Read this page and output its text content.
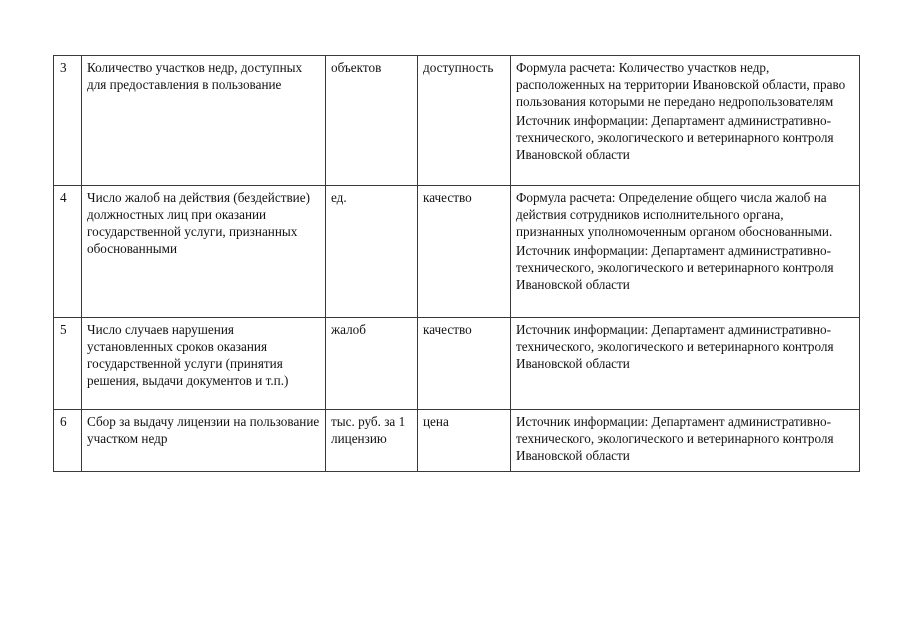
3	Количество участков недр, доступных для предоставления в пользование	объектов	доступность	Формула расчета: Количество участков недр, расположенных на территории Ивановской области, право пользования которыми не передано недропользователям
Источник информации: Департамент административно-технического, экологического и ветеринарного контроля Ивановской области

4	Число жалоб на действия (бездействие) должностных лиц при оказании государственной услуги, признанных обоснованными	ед.	качество	Формула расчета: Определение общего числа жалоб на действия сотрудников исполнительного органа, признанных уполномоченным органом обоснованными.
Источник информации: Департамент административно-технического, экологического и ветеринарного контроля Ивановской области

5	Число случаев нарушения установленных сроков оказания государственной услуги (принятия решения, выдачи документов и т.п.)	жалоб	качество	Источник информации: Департамент административно-технического, экологического и ветеринарного контроля Ивановской области

6	Сбор за выдачу лицензии на пользование участком недр	тыс. руб. за 1 лицензию	цена	Источник информации: Департамент административно-технического, экологического и ветеринарного контроля Ивановской области
